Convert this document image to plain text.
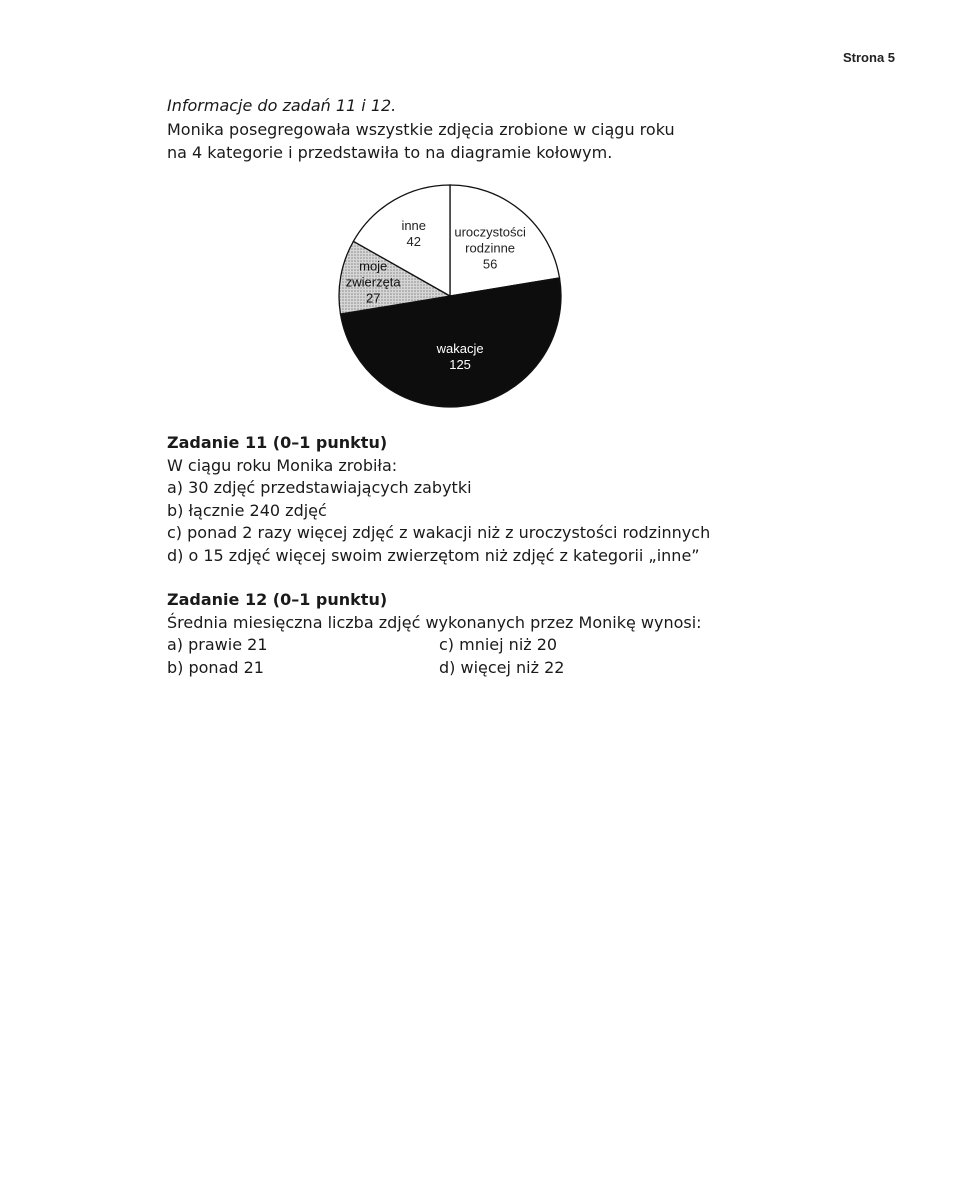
Strona 5
Informacje do zadań 11 i 12.
Monika posegregowała wszystkie zdjęcia zrobione w ciągu roku
na 4 kategorie i przedstawiła to na diagramie kołowym.
uroczystości rodzinne 56
wakacje 125
moje zwierzęta 27
inne 42
Zadanie 11 (0–1 punktu)
W ciągu roku Monika zrobiła:
a) 30 zdjęć przedstawiających zabytki
b) łącznie 240 zdjęć
c) ponad 2 razy więcej zdjęć z wakacji niż z uroczystości rodzinnych
d) o 15 zdjęć więcej swoim zwierzętom niż zdjęć z kategorii „inne”
Zadanie 12 (0–1 punktu)
Średnia miesięczna liczba zdjęć wykonanych przez Monikę wynosi:
a) prawie 21	c) mniej niż 20
b) ponad 21	d) więcej niż 22
